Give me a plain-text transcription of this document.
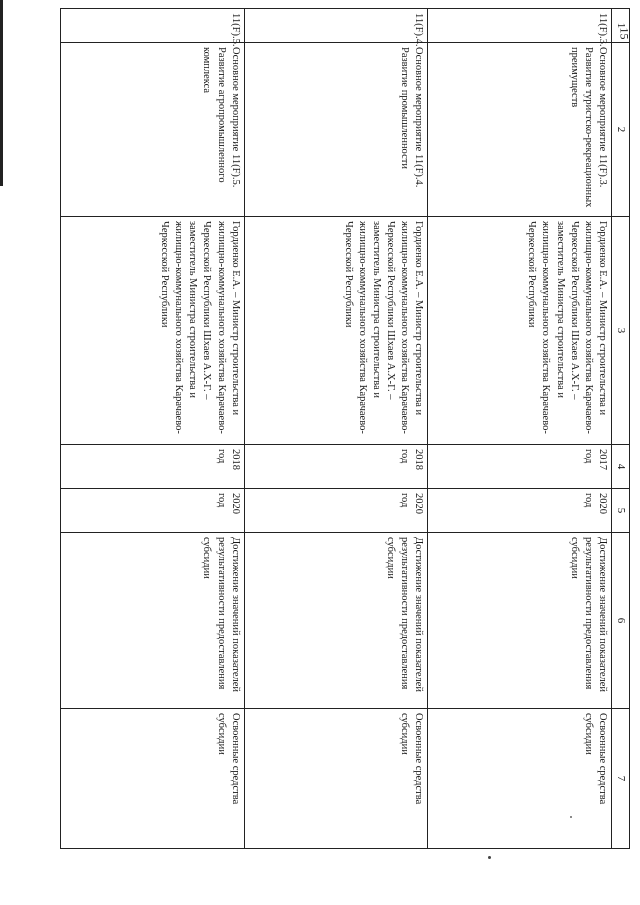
15
1	2	3	4	5	6	7
11(F).3.	Основное мероприятие 11(F).3. Развитие туристско-рекреационных преимуществ	Гордиенко Е.А. – Министр строительства и жилищно-коммунального хозяйства Карачаево-Черкесской Республики Шхаев А.Х-Г. – заместитель Министра строительства и жилищно-коммунального хозяйства Карачаево-Черкесской Республики	2017 год	2020 год	Достижение значений показателей результативности предоставления субсидии	Освоенные средства субсидии
11(F).4.	Основное мероприятие 11(F).4. Развитие промышленности	Гордиенко Е.А. – Министр строительства и жилищно-коммунального хозяйства Карачаево-Черкесской Республики Шхаев А.Х-Г. – заместитель Министра строительства и жилищно-коммунального хозяйства Карачаево-Черкесской Республики	2018 год	2020 год	Достижение значений показателей результативности предоставления субсидии	Освоенные средства субсидии
11(F).5.	Основное мероприятие 11(F).5. Развитие агропромышленного комплекса	Гордиенко Е.А. – Министр строительства и жилищно-коммунального хозяйства Карачаево-Черкесской Республики Шхаев А.Х-Г. – заместитель Министра строительства и жилищно-коммунального хозяйства Карачаево-Черкесской Республики	2018 год	2020 год	Достижение значений показателей результативности предоставления субсидии	Освоенные средства субсидии
